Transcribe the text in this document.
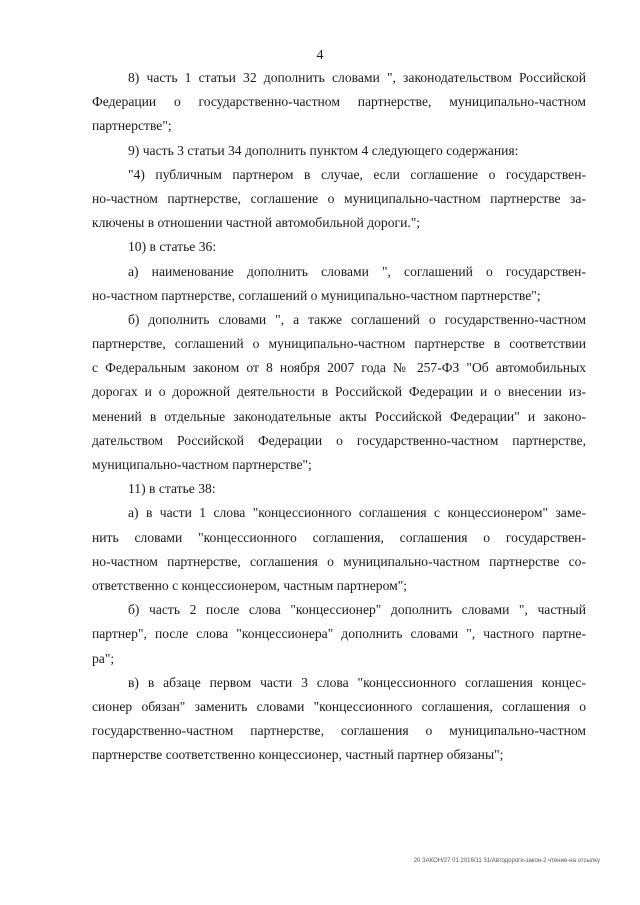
4
8) часть 1 статьи 32 дополнить словами ", законодательством Российской
Федерации о государственно-частном партнерстве, муниципально-частном
партнерстве";
9) часть 3 статьи 34 дополнить пунктом 4 следующего содержания:
"4) публичным партнером в случае, если соглашение о государствен-
но-частном партнерстве, соглашение о муниципально-частном партнерстве за-
ключены в отношении частной автомобильной дороги.";
10) в статье 36:
а) наименование дополнить словами ", соглашений о государствен-
но-частном партнерстве, соглашений о муниципально-частном партнерстве";
б) дополнить словами ", а также соглашений о государственно-частном
партнерстве, соглашений о муниципально-частном партнерстве в соответствии
с Федеральным законом от 8 ноября 2007 года № 257-ФЗ "Об автомобильных
дорогах и о дорожной деятельности в Российской Федерации и о внесении из-
менений в отдельные законодательные акты Российской Федерации" и законо-
дательством Российской Федерации о государственно-частном партнерстве,
муниципально-частном партнерстве";
11) в статье 38:
а) в части 1 слова "концессионного соглашения с концессионером" заме-
нить словами "концессионного соглашения, соглашения о государствен-
но-частном партнерстве, соглашения о муниципально-частном партнерстве со-
ответственно с концессионером, частным партнером";
б) часть 2 после слова "концессионер" дополнить словами ", частный
партнер", после слова "концессионера" дополнить словами ", частного партне-
ра";
в) в абзаце первом части 3 слова "концессионного соглашения концес-
сионер обязан" заменить словами "концессионного соглашения, соглашения о
государственно-частном партнерстве, соглашения о муниципально-частном
партнерстве соответственно концессионер, частный партнер обязаны";
20 ЗАКОН/27 01 2016/11 31/Автодороги-закон-2 чтение-на отсылку
